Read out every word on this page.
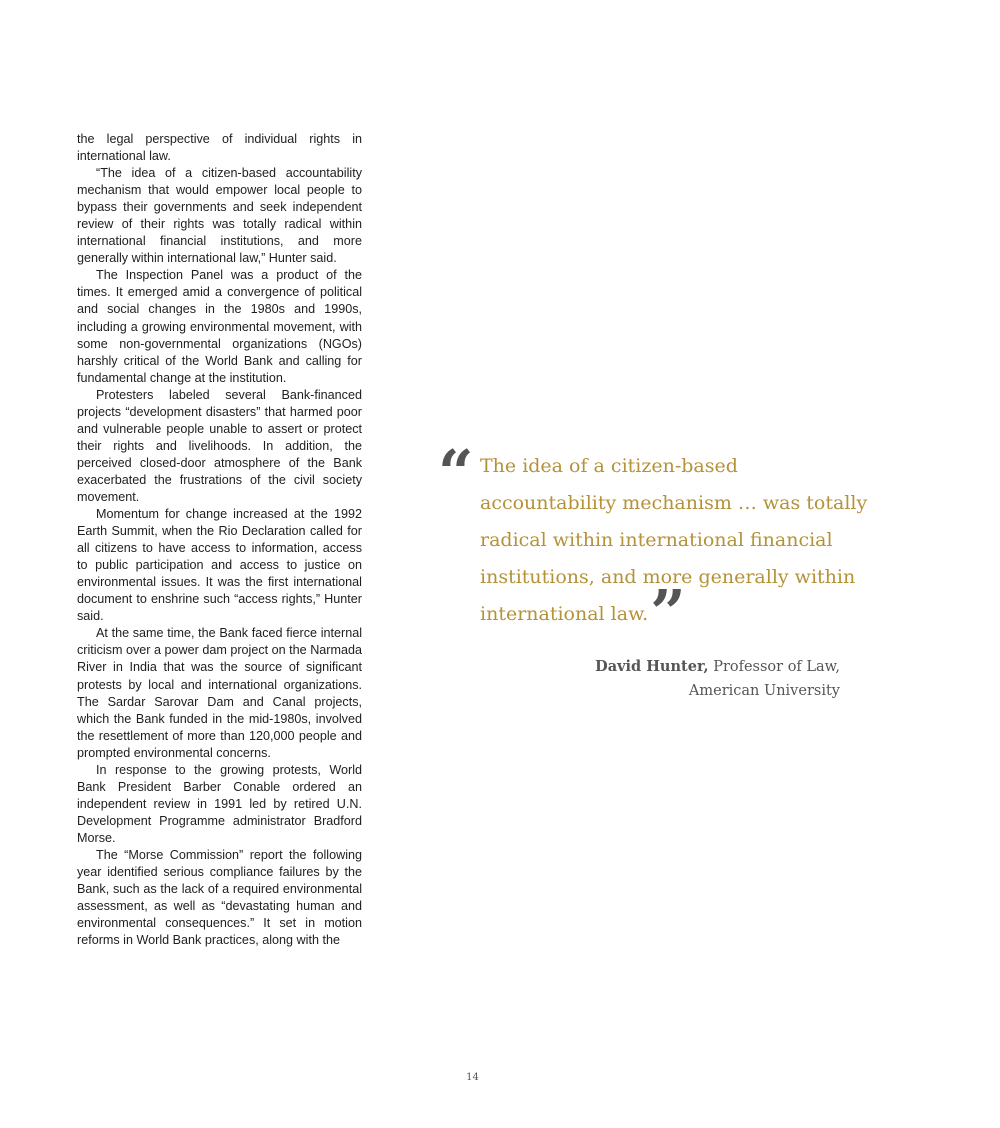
the legal perspective of individual rights in international law.

“The idea of a citizen-based accountability mechanism that would empower local people to bypass their governments and seek independent review of their rights was totally radical within international financial institutions, and more generally within international law,” Hunter said.

The Inspection Panel was a product of the times. It emerged amid a convergence of political and social changes in the 1980s and 1990s, including a growing environmental movement, with some non-governmental organizations (NGOs) harshly critical of the World Bank and calling for fundamental change at the institution.

Protesters labeled several Bank-financed projects “development disasters” that harmed poor and vulnerable people unable to assert or protect their rights and livelihoods. In addition, the perceived closed-door atmosphere of the Bank exacerbated the frustrations of the civil society movement.

Momentum for change increased at the 1992 Earth Summit, when the Rio Declaration called for all citizens to have access to information, access to public participation and access to justice on environmental issues. It was the first international document to enshrine such “access rights,” Hunter said.

At the same time, the Bank faced fierce internal criticism over a power dam project on the Narmada River in India that was the source of significant protests by local and international organizations. The Sardar Sarovar Dam and Canal projects, which the Bank funded in the mid-1980s, involved the resettlement of more than 120,000 people and prompted environmental concerns.

In response to the growing protests, World Bank President Barber Conable ordered an independent review in 1991 led by retired U.N. Development Programme administrator Bradford Morse.

The “Morse Commission” report the following year identified serious compliance failures by the Bank, such as the lack of a required environmental assessment, as well as “devastating human and environmental consequences.” It set in motion reforms in World Bank practices, along with the

“ The idea of a citizen-based accountability mechanism … was totally radical within international financial institutions, and more generally within international law.”

David Hunter, Professor of Law,
American University
14
